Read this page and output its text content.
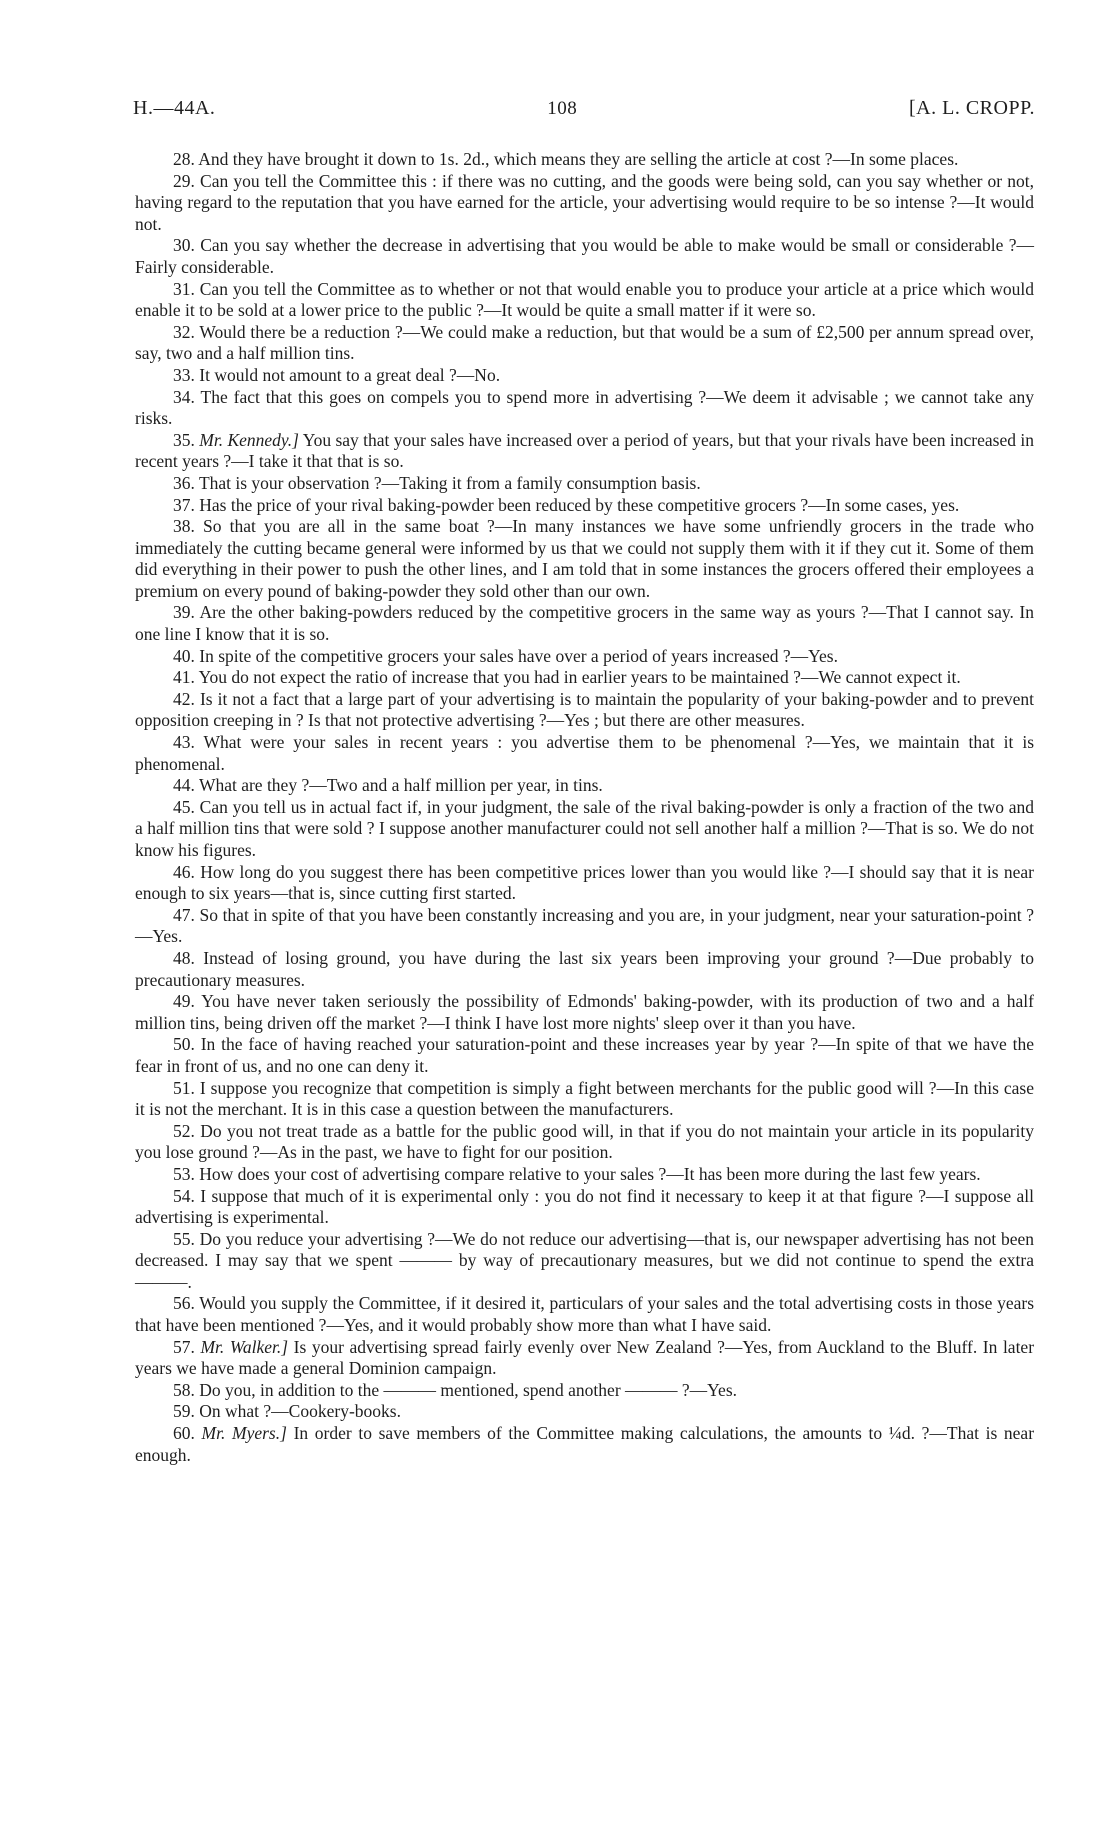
H.—44A.	108	[A. L. CROPP.

28. And they have brought it down to 1s. 2d., which means they are selling the article at cost ?—In some places.

29. Can you tell the Committee this : if there was no cutting, and the goods were being sold, can you say whether or not, having regard to the reputation that you have earned for the article, your advertising would require to be so intense ?—It would not.

30. Can you say whether the decrease in advertising that you would be able to make would be small or considerable ?—Fairly considerable.

31. Can you tell the Committee as to whether or not that would enable you to produce your article at a price which would enable it to be sold at a lower price to the public ?—It would be quite a small matter if it were so.

32. Would there be a reduction ?—We could make a reduction, but that would be a sum of £2,500 per annum spread over, say, two and a half million tins.

33. It would not amount to a great deal ?—No.

34. The fact that this goes on compels you to spend more in advertising ?—We deem it advisable ; we cannot take any risks.

35. Mr. Kennedy.] You say that your sales have increased over a period of years, but that your rivals have been increased in recent years ?—I take it that that is so.

36. That is your observation ?—Taking it from a family consumption basis.

37. Has the price of your rival baking-powder been reduced by these competitive grocers ?—In some cases, yes.

38. So that you are all in the same boat ?—In many instances we have some unfriendly grocers in the trade who immediately the cutting became general were informed by us that we could not supply them with it if they cut it. Some of them did everything in their power to push the other lines, and I am told that in some instances the grocers offered their employees a premium on every pound of baking-powder they sold other than our own.

39. Are the other baking-powders reduced by the competitive grocers in the same way as yours ?—That I cannot say. In one line I know that it is so.

40. In spite of the competitive grocers your sales have over a period of years increased ?—Yes.

41. You do not expect the ratio of increase that you had in earlier years to be maintained ?—We cannot expect it.

42. Is it not a fact that a large part of your advertising is to maintain the popularity of your baking-powder and to prevent opposition creeping in ? Is that not protective advertising ?—Yes ; but there are other measures.

43. What were your sales in recent years : you advertise them to be phenomenal ?—Yes, we maintain that it is phenomenal.

44. What are they ?—Two and a half million per year, in tins.

45. Can you tell us in actual fact if, in your judgment, the sale of the rival baking-powder is only a fraction of the two and a half million tins that were sold ? I suppose another manufacturer could not sell another half a million ?—That is so. We do not know his figures.

46. How long do you suggest there has been competitive prices lower than you would like ?—I should say that it is near enough to six years—that is, since cutting first started.

47. So that in spite of that you have been constantly increasing and you are, in your judgment, near your saturation-point ?—Yes.

48. Instead of losing ground, you have during the last six years been improving your ground ?—Due probably to precautionary measures.

49. You have never taken seriously the possibility of Edmonds' baking-powder, with its production of two and a half million tins, being driven off the market ?—I think I have lost more nights' sleep over it than you have.

50. In the face of having reached your saturation-point and these increases year by year ?—In spite of that we have the fear in front of us, and no one can deny it.

51. I suppose you recognize that competition is simply a fight between merchants for the public good will ?—In this case it is not the merchant. It is in this case a question between the manufacturers.

52. Do you not treat trade as a battle for the public good will, in that if you do not maintain your article in its popularity you lose ground ?—As in the past, we have to fight for our position.

53. How does your cost of advertising compare relative to your sales ?—It has been more during the last few years.

54. I suppose that much of it is experimental only : you do not find it necessary to keep it at that figure ?—I suppose all advertising is experimental.

55. Do you reduce your advertising ?—We do not reduce our advertising—that is, our newspaper advertising has not been decreased. I may say that we spent ——— by way of precautionary measures, but we did not continue to spend the extra ———.

56. Would you supply the Committee, if it desired it, particulars of your sales and the total advertising costs in those years that have been mentioned ?—Yes, and it would probably show more than what I have said.

57. Mr. Walker.] Is your advertising spread fairly evenly over New Zealand ?—Yes, from Auckland to the Bluff. In later years we have made a general Dominion campaign.

58. Do you, in addition to the ——— mentioned, spend another ——— ?—Yes.

59. On what ?—Cookery-books.

60. Mr. Myers.] In order to save members of the Committee making calculations, the amounts to ¼d. ?—That is near enough.
